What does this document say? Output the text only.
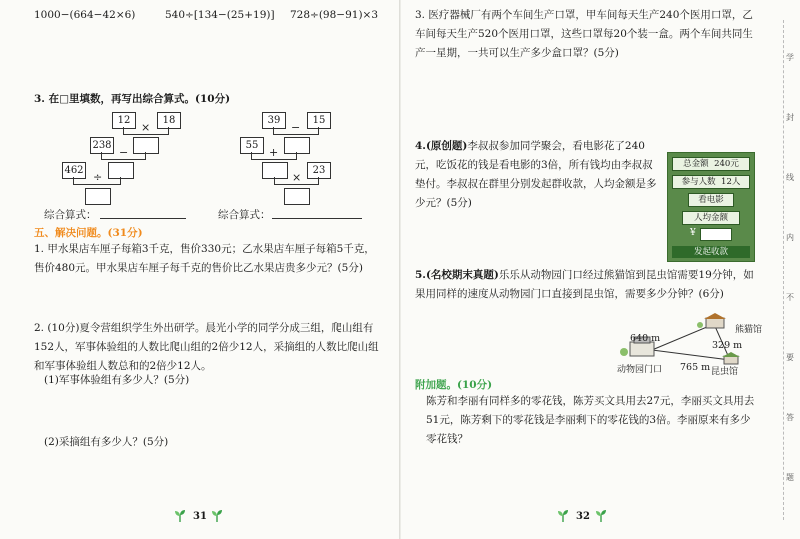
1000−(664−42×6)	540÷[134−(25+19)] 728÷(98−91)×3
3. 在□里填数，再写出综合算式。(10分)
12	18
×
238
−
462
÷
39	15
−
55
+
23
×
综合算式：	综合算式：
五、解决问题。(31分)
1. 甲水果店车厘子每箱3千克，售价330元；乙水果店车厘子每箱5千克，售价480元。甲水果店车厘子每千克的售价比乙水果店贵多少元？(5分)
2. (10分)夏令营组织学生外出研学。晨光小学的同学分成三组，爬山组有152人，军事体验组的人数比爬山组的2倍少12人，采摘组的人数比爬山组和军事体验组人数总和的2倍少12人。
(1)军事体验组有多少人？(5分)
(2)采摘组有多少人？(5分)
31
3. 医疗器械厂有两个车间生产口罩，甲车间每天生产240个医用口罩，乙车间每天生产520个医用口罩，这些口罩每20个装一盒。两个车间共同生产一星期，一共可以生产多少盒口罩？(5分)
4.(原创题)李叔叔参加同学聚会，看电影花了240元，吃饭花的钱是看电影的3倍，所有钱均由李叔叔垫付。李叔叔在群里分别发起群收款，人均金额是多少元？(5分)
总金额 240元
参与人数 12人
看电影
人均金额
¥
发起收款
5.(名校期末真题)乐乐从动物园门口经过熊猫馆到昆虫馆需要19分钟，如果用同样的速度从动物园门口直接到昆虫馆，需要多少分钟？(6分)
熊猫馆
640 m
329 m
765 m
动物园门口	昆虫馆
附加题。(10分)
陈芳和李丽有同样多的零花钱，陈芳买文具用去27元，李丽买文具用去51元，陈芳剩下的零花钱是李丽剩下的零花钱的3倍。李丽原来有多少零花钱？
32
学
封
线
内
不
要
答
题
